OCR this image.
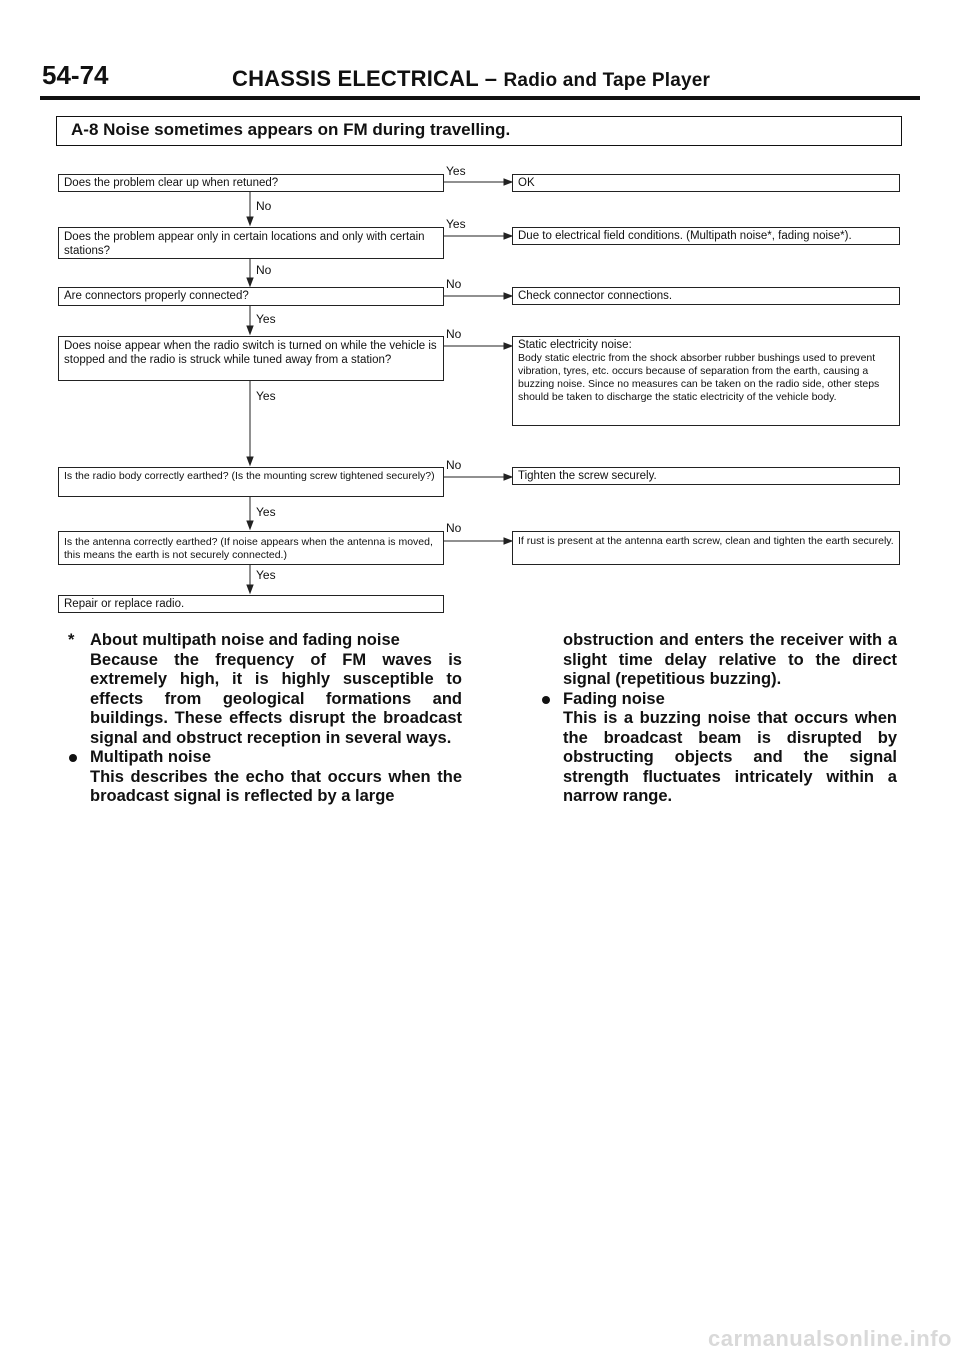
54-74	CHASSIS ELECTRICAL – Radio and Tape Player
A-8 Noise sometimes appears on FM during travelling.
Does the problem clear up when retuned?
Does the problem appear only in certain locations and only with certain stations?
Are connectors properly connected?
Does noise appear when the radio switch is turned on while the vehicle is stopped and the radio is struck while tuned away from a station?
Is the radio body correctly earthed? (Is the mounting screw tightened securely?)
Is the antenna correctly earthed? (If noise appears when the antenna is moved, this means the earth is not securely connected.)
Repair or replace radio.
OK
Due to electrical field conditions. (Multipath noise*, fading noise*).
Check connector connections.
Static electricity noise:
Body static electric from the shock absorber rubber bushings used to prevent vibration, tyres, etc. occurs because of separation from the earth, causing a buzzing noise. Since no measures can be taken on the radio side, other steps should be taken to discharge the static electricity of the vehicle body.
Tighten the screw securely.
If rust is present at the antenna earth screw, clean and tighten the earth securely.
Yes
Yes
No
No
No
No
No
No
Yes
Yes
Yes
Yes
* About multipath noise and fading noise

Because the frequency of FM waves is extremely high, it is highly susceptible to effects from geological formations and buildings. These effects disrupt the broadcast signal and obstruct reception in several ways.

Multipath noise

This describes the echo that occurs when the broadcast signal is reflected by a large

obstruction and enters the receiver with a slight time delay relative to the direct signal (repetitious buzzing).

Fading noise

This is a buzzing noise that occurs when the broadcast beam is disrupted by obstructing objects and the signal strength fluctuates intricately within a narrow range.

carmanualsonline.info
